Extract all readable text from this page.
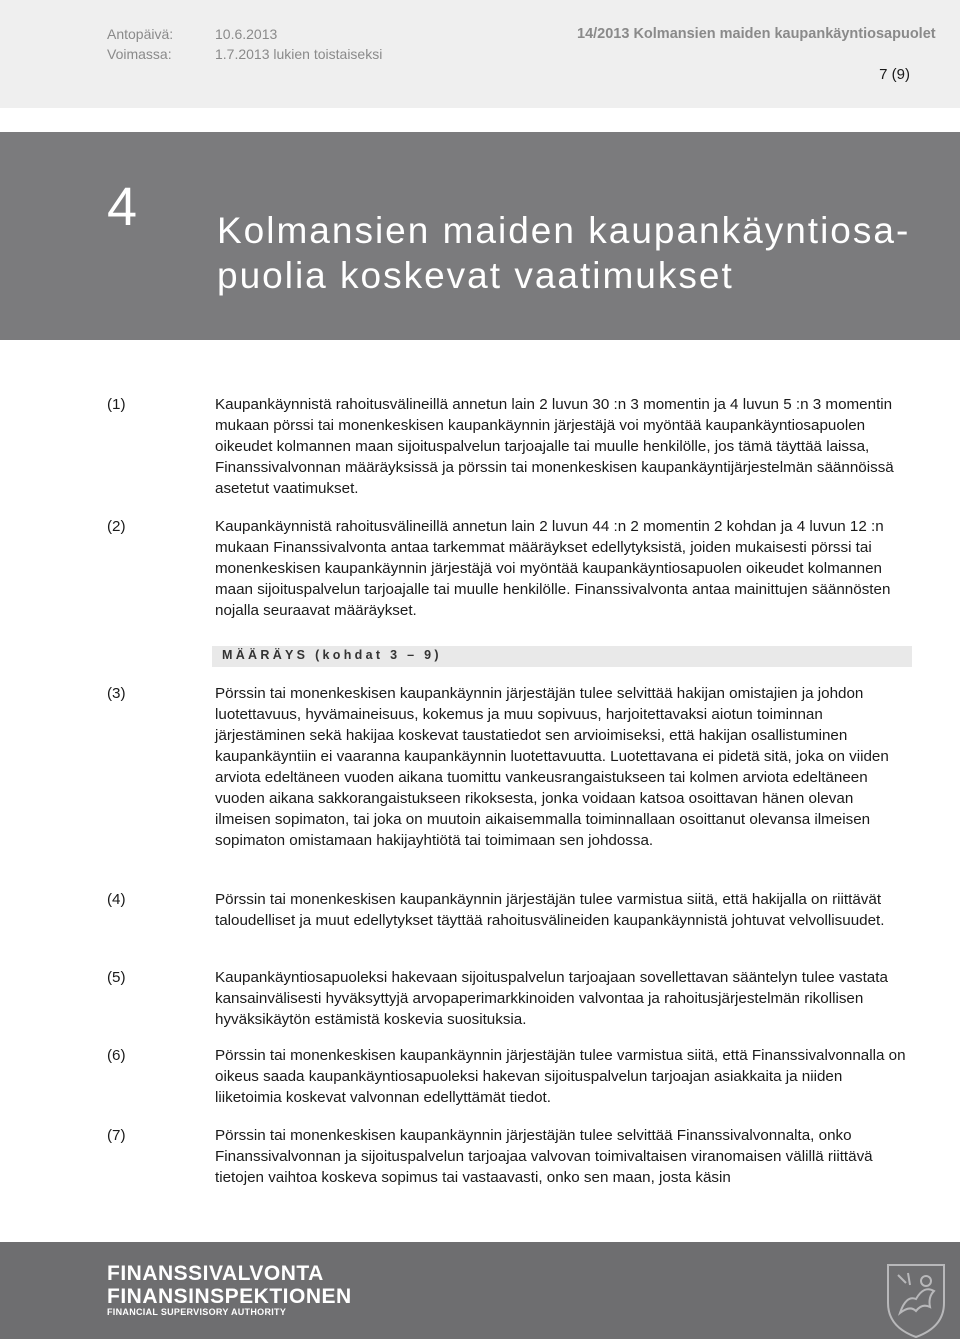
Antopäivä:	10.6.2013
Voimassa:	1.7.2013 lukien toistaiseksi
14/2013 Kolmansien maiden kaupankäyntiosapuolet
7 (9)
4 Kolmansien maiden kaupankäyntiosa-
puolia koskevat vaatimukset
(1)	Kaupankäynnistä rahoitusvälineillä annetun lain 2 luvun 30 :n 3 momentin ja 4 luvun 5 :n 3 momentin mukaan pörssi tai monenkeskisen kaupankäynnin järjestäjä voi myöntää kaupankäyntiosapuolen oikeudet kolmannen maan sijoituspalvelun tarjoajalle tai muulle henkilölle, jos tämä täyttää laissa, Finanssivalvonnan määräyksissä ja pörssin tai monenkeskisen kaupankäyntijärjestelmän säännöissä asetetut vaatimukset.
(2)	Kaupankäynnistä rahoitusvälineillä annetun lain 2 luvun 44 :n 2 momentin 2 kohdan ja 4 luvun 12 :n mukaan Finanssivalvonta antaa tarkemmat määräykset edellytyksistä, joiden mukaisesti pörssi tai monenkeskisen kaupankäynnin järjestäjä voi myöntää kaupankäyntiosapuolen oikeudet kolmannen maan sijoituspalvelun tarjoajalle tai muulle henkilölle. Finanssivalvonta antaa mainittujen säännösten nojalla seuraavat määräykset.
MÄÄRÄYS (kohdat 3 – 9)
(3)	Pörssin tai monenkeskisen kaupankäynnin järjestäjän tulee selvittää hakijan omistajien ja johdon luotettavuus, hyvämaineisuus, kokemus ja muu sopivuus, harjoitettavaksi aiotun toiminnan järjestäminen sekä hakijaa koskevat taustatiedot sen arvioimiseksi, että hakijan osallistuminen kaupankäyntiin ei vaaranna kaupankäynnin luotettavuutta. Luotettavana ei pidetä sitä, joka on viiden arviota edeltäneen vuoden aikana tuomittu vankeusrangaistukseen tai kolmen arviota edeltäneen vuoden aikana sakkorangaistukseen rikoksesta, jonka voidaan katsoa osoittavan hänen olevan ilmeisen sopimaton, tai joka on muutoin aikaisemmalla toiminnallaan osoittanut olevansa ilmeisen sopimaton omistamaan hakijayhtiötä tai toimimaan sen johdossa.
(4)	Pörssin tai monenkeskisen kaupankäynnin järjestäjän tulee varmistua siitä, että hakijalla on riittävät taloudelliset ja muut edellytykset täyttää rahoitusvälineiden kaupankäynnistä johtuvat velvollisuudet.
(5)	Kaupankäyntiosapuoleksi hakevaan sijoituspalvelun tarjoajaan sovellettavan sääntelyn tulee vastata kansainvälisesti hyväksyttyjä arvopaperimarkkinoiden valvontaa ja rahoitusjärjestelmän rikollisen hyväksikäytön estämistä koskevia suosituksia.
(6)	Pörssin tai monenkeskisen kaupankäynnin järjestäjän tulee varmistua siitä, että Finanssivalvonnalla on oikeus saada kaupankäyntiosapuoleksi hakevan sijoituspalvelun tarjoajan asiakkaita ja niiden liiketoimia koskevat valvonnan edellyttämät tiedot.
(7)	Pörssin tai monenkeskisen kaupankäynnin järjestäjän tulee selvittää Finanssivalvonnalta, onko Finanssivalvonnan ja sijoituspalvelun tarjoajaa valvovan toimivaltaisen viranomaisen välillä riittävä tietojen vaihtoa koskeva sopimus tai vastaavasti, onko sen maan, josta käsin
FINANSSIVALVONTA
FINANSINSPEKTIONEN
FINANCIAL SUPERVISORY AUTHORITY
